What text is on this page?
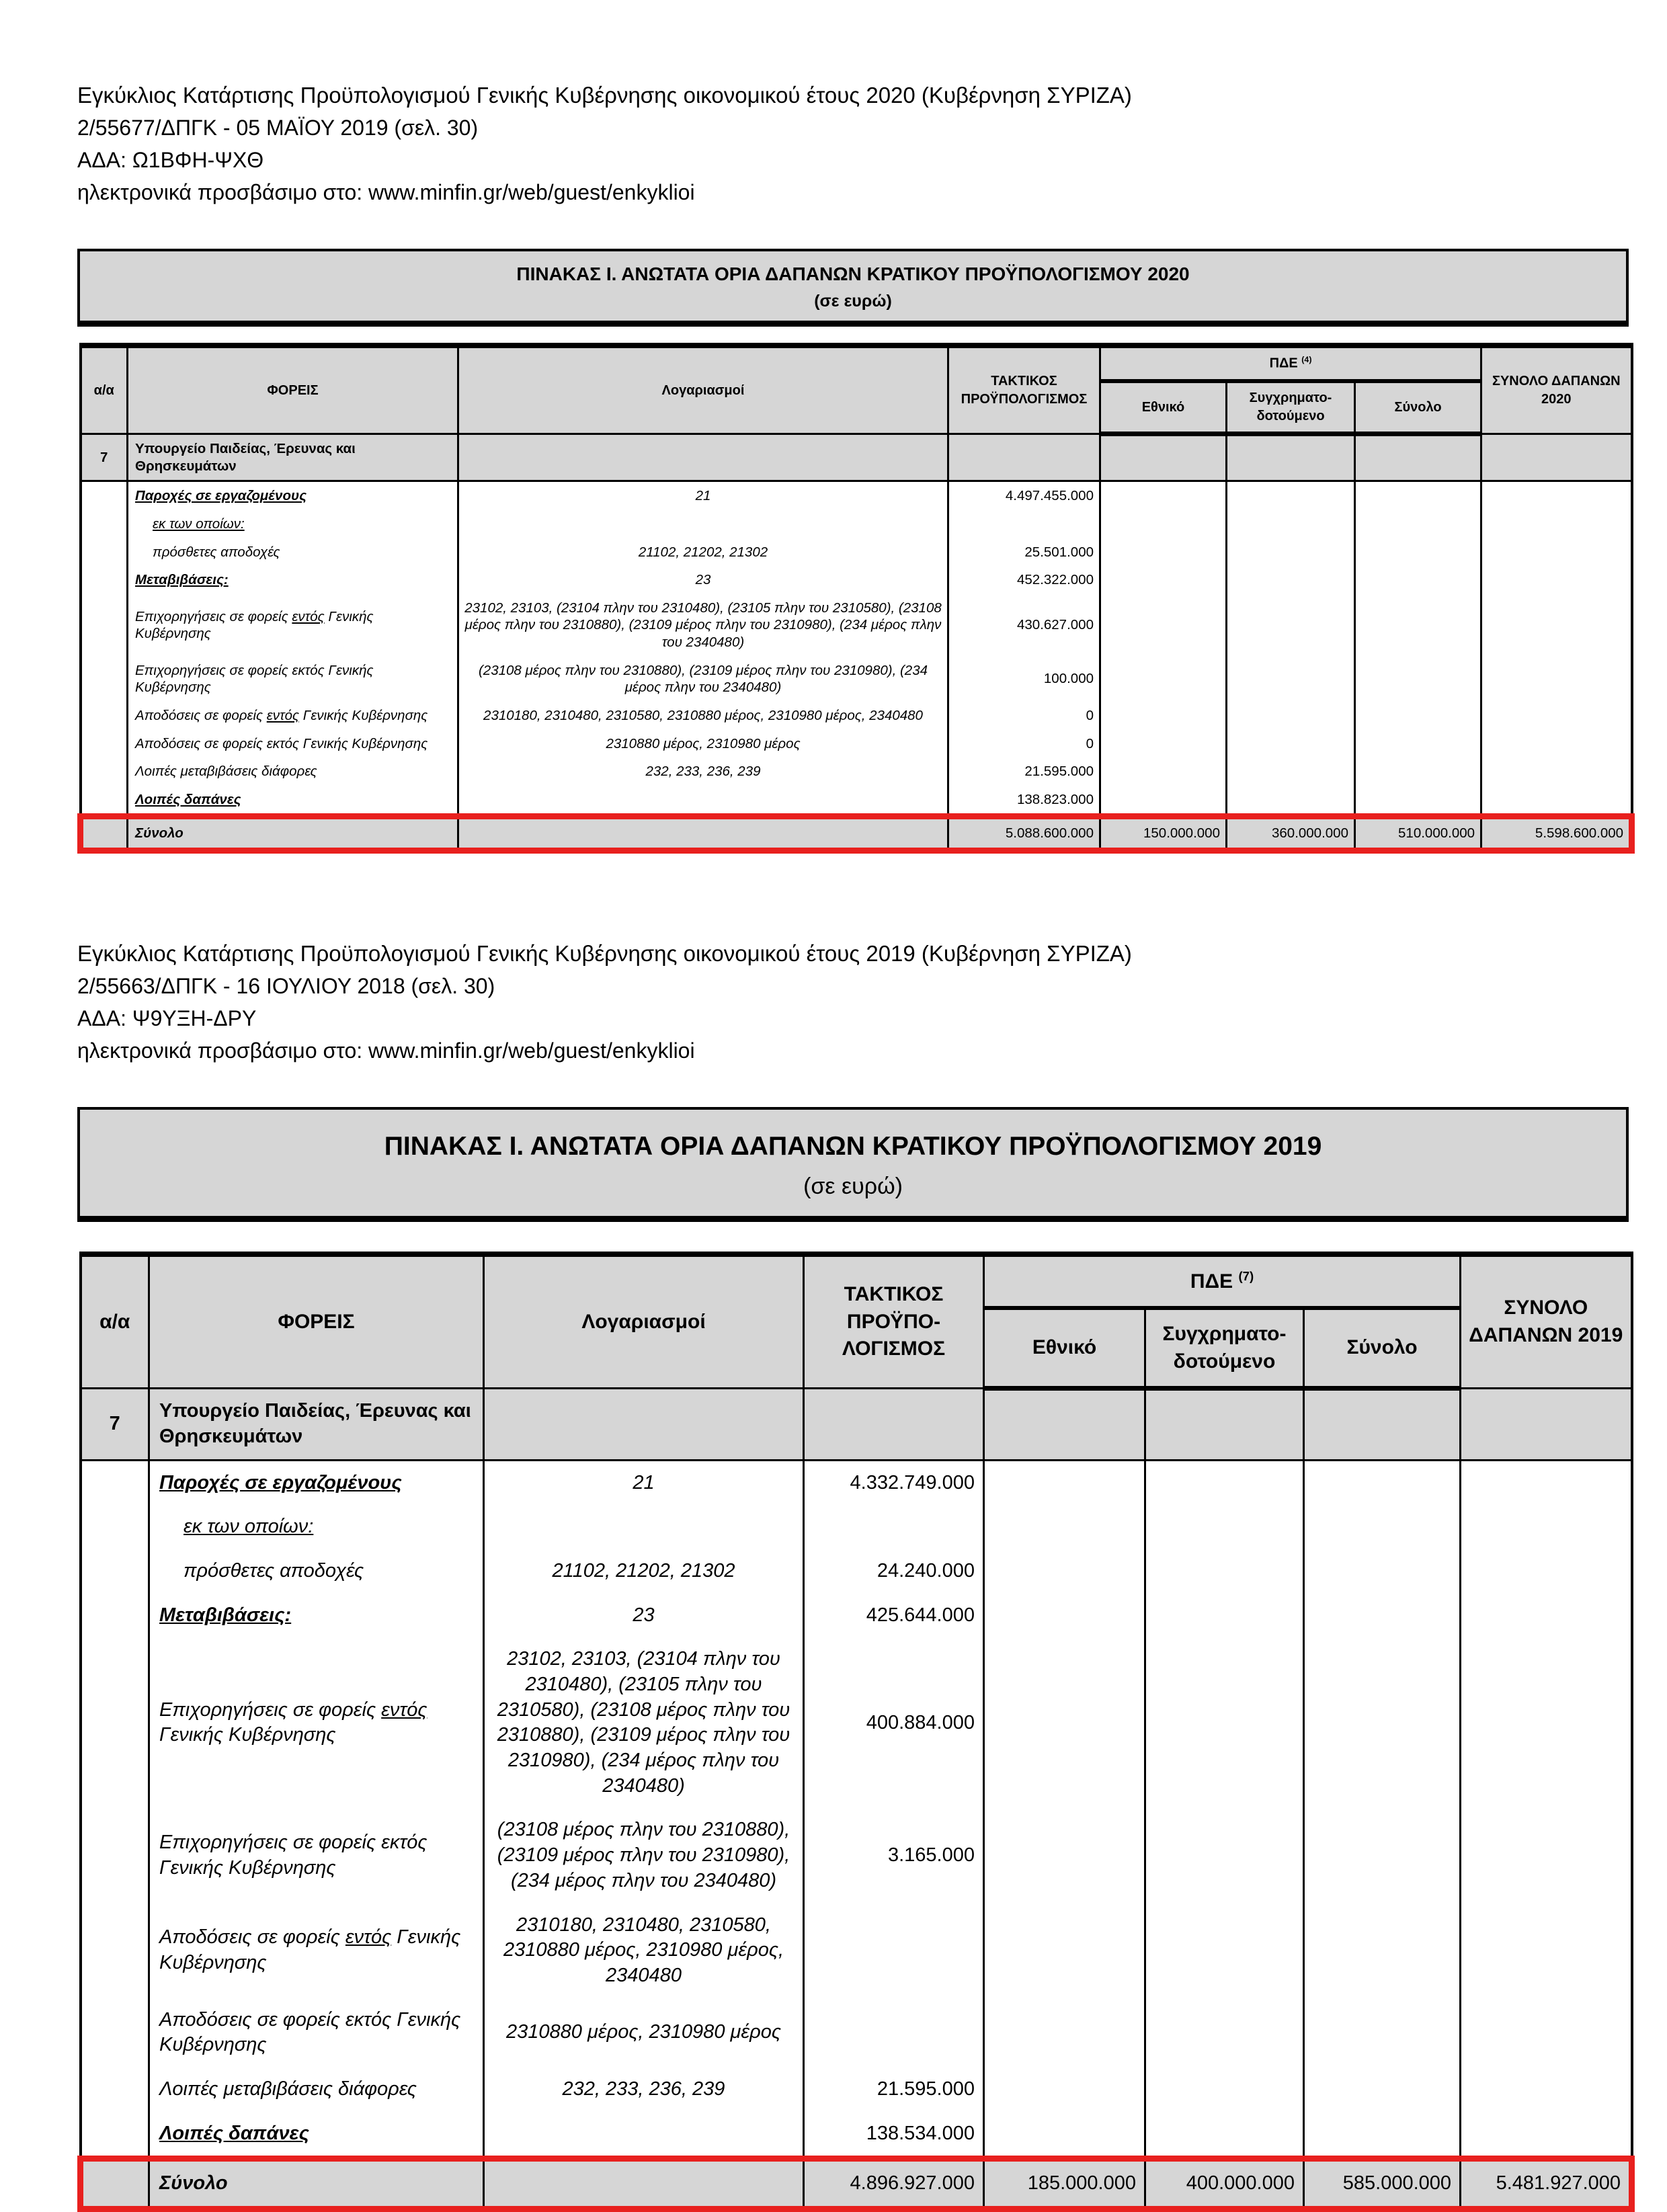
Εγκύκλιος Κατάρτισης Προϋπολογισμού Γενικής Κυβέρνησης οικονομικού έτους 2020 (Κυβέρνηση ΣΥΡΙΖΑ)
2/55677/ΔΠΓΚ - 05 ΜΑΪΟΥ 2019 (σελ. 30)
ΑΔΑ: Ω1ΒΦΗ-ΨΧΘ
ηλεκτρονικά προσβάσιμο στο: www.minfin.gr/web/guest/enkyklioi
ΠΙΝΑΚΑΣ Ι. ΑΝΩΤΑΤΑ ΟΡΙΑ ΔΑΠΑΝΩΝ ΚΡΑΤΙΚΟΥ ΠΡΟΫΠΟΛΟΓΙΣΜΟΥ 2020
(σε ευρώ)
α/α	ΦΟΡΕΙΣ	Λογαριασμοί	ΤΑΚΤΙΚΟΣ ΠΡΟΫΠΟΛΟΓΙΣΜΟΣ	ΠΔΕ $^{(4)}$			ΣΥΝΟΛΟ ΔΑΠΑΝΩΝ 2020
				Εθνικό	Συγχρηματο-δοτούμενο	Σύνολο	
7	Υπουργείο Παιδείας, Έρευνας και Θρησκευμάτων						
	Παροχές σε εργαζομένους	21	4.497.455.000				
	εκ των οποίων:						
	πρόσθετες αποδοχές	21102, 21202, 21302	25.501.000				
	Μεταβιβάσεις:	23	452.322.000				
	Επιχορηγήσεις σε φορείς εντός Γενικής Κυβέρνησης	23102, 23103, (23104 πλην του 2310480), (23105 πλην του 2310580), (23108 μέρος πλην του 2310880), (23109 μέρος πλην του 2310980), (234 μέρος πλην του 2340480)	430.627.000				
	Επιχορηγήσεις σε φορείς εκτός Γενικής Κυβέρνησης	(23108 μέρος πλην του 2310880), (23109 μέρος πλην του 2310980), (234 μέρος πλην του 2340480)	100.000				
	Αποδόσεις σε φορείς εντός Γενικής Κυβέρνησης	2310180, 2310480, 2310580, 2310880 μέρος, 2310980 μέρος, 2340480	0				
	Αποδόσεις σε φορείς εκτός Γενικής Κυβέρνησης	2310880 μέρος, 2310980 μέρος	0				
	Λοιπές μεταβιβάσεις διάφορες	232, 233, 236, 239	21.595.000				
	Λοιπές δαπάνες		138.823.000				
	Σύνολο		5.088.600.000	150.000.000	360.000.000	510.000.000	5.598.600.000
Εγκύκλιος Κατάρτισης Προϋπολογισμού Γενικής Κυβέρνησης οικονομικού έτους 2019 (Κυβέρνηση ΣΥΡΙΖΑ)
2/55663/ΔΠΓΚ - 16 ΙΟΥΛΙΟΥ 2018 (σελ. 30)
ΑΔΑ: Ψ9ΥΞΗ-ΔΡΥ
ηλεκτρονικά προσβάσιμο στο: www.minfin.gr/web/guest/enkyklioi
ΠΙΝΑΚΑΣ Ι. ΑΝΩΤΑΤΑ ΟΡΙΑ ΔΑΠΑΝΩΝ ΚΡΑΤΙΚΟΥ ΠΡΟΫΠΟΛΟΓΙΣΜΟΥ 2019
(σε ευρώ)
α/α	ΦΟΡΕΙΣ	Λογαριασμοί	ΤΑΚΤΙΚΟΣ ΠΡΟΫΠΟ-ΛΟΓΙΣΜΟΣ	ΠΔΕ $^{(7)}$			ΣΥΝΟΛΟ ΔΑΠΑΝΩΝ 2019
				Εθνικό	Συγχρηματο-δοτούμενο	Σύνολο	
7	Υπουργείο Παιδείας, Έρευνας και Θρησκευμάτων						
	Παροχές σε εργαζομένους	21	4.332.749.000				
	εκ των οποίων:						
	πρόσθετες αποδοχές	21102, 21202, 21302	24.240.000				
	Μεταβιβάσεις:	23	425.644.000				
	Επιχορηγήσεις σε φορείς εντός Γενικής Κυβέρνησης	23102, 23103, (23104 πλην του 2310480), (23105 πλην του 2310580), (23108 μέρος πλην του 2310880), (23109 μέρος πλην του 2310980), (234 μέρος πλην του 2340480)	400.884.000				
	Επιχορηγήσεις σε φορείς εκτός Γενικής Κυβέρνησης	(23108 μέρος πλην του 2310880), (23109 μέρος πλην του 2310980), (234 μέρος πλην του 2340480)	3.165.000				
	Αποδόσεις σε φορείς εντός Γενικής Κυβέρνησης	2310180, 2310480, 2310580, 2310880 μέρος, 2310980 μέρος, 2340480					
	Αποδόσεις σε φορείς εκτός Γενικής Κυβέρνησης	2310880 μέρος, 2310980 μέρος					
	Λοιπές μεταβιβάσεις διάφορες	232, 233, 236, 239	21.595.000				
	Λοιπές δαπάνες		138.534.000				
	Σύνολο		4.896.927.000	185.000.000	400.000.000	585.000.000	5.481.927.000
